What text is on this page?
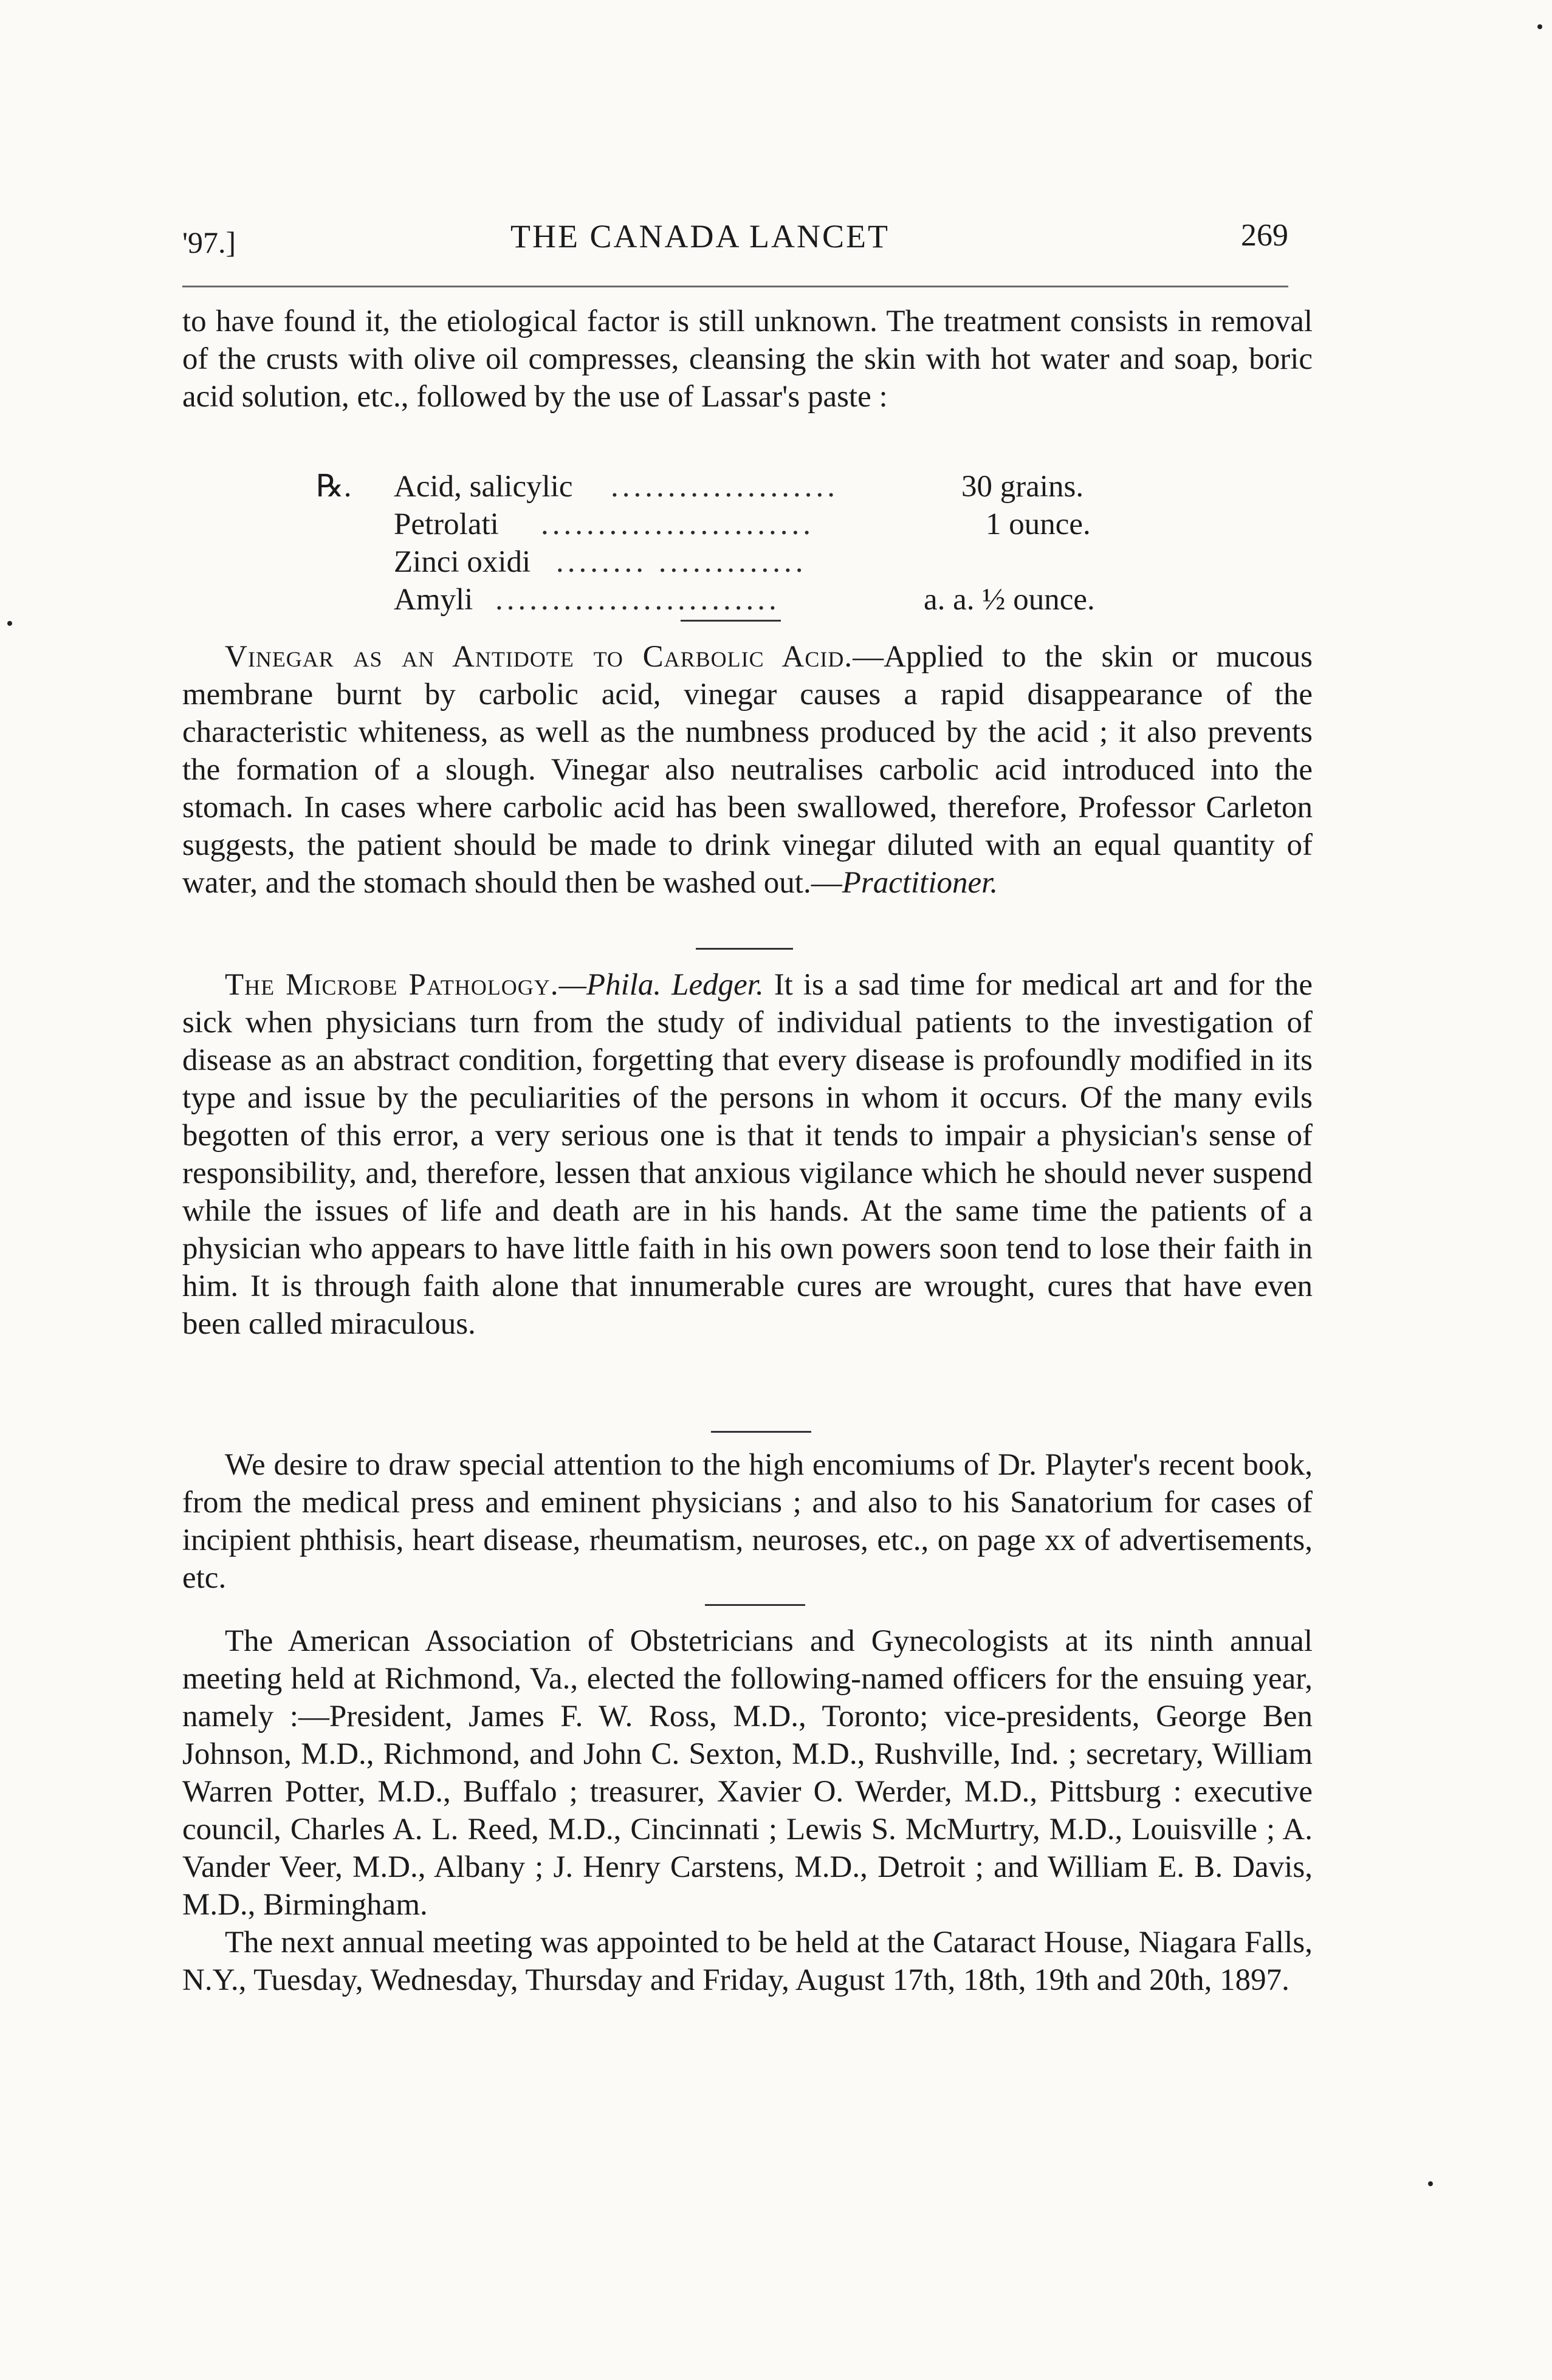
'97.]	THE CANADA LANCET	269

to have found it, the etiological factor is still unknown. The treatment consists in removal of the crusts with olive oil compresses, cleansing the skin with hot water and soap, boric acid solution, etc., followed by the use of Lassar's paste :

℞. Acid, salicylic ....................	30 grains.
Petrolati ........................	1 ounce.
Zinci oxidi ........ .............
Amyli .........................	a. a. ½ ounce.

Vinegar as an Antidote to Carbolic Acid.—Applied to the skin or mucous membrane burnt by carbolic acid, vinegar causes a rapid disappearance of the characteristic whiteness, as well as the numbness produced by the acid ; it also prevents the formation of a slough. Vinegar also neutralises carbolic acid introduced into the stomach. In cases where carbolic acid has been swallowed, therefore, Professor Carleton suggests, the patient should be made to drink vinegar diluted with an equal quantity of water, and the stomach should then be washed out.—Practitioner.

The Microbe Pathology.—Phila. Ledger. It is a sad time for medical art and for the sick when physicians turn from the study of individual patients to the investigation of disease as an abstract condition, forgetting that every disease is profoundly modified in its type and issue by the peculiarities of the persons in whom it occurs. Of the many evils begotten of this error, a very serious one is that it tends to impair a physician's sense of responsibility, and, therefore, lessen that anxious vigilance which he should never suspend while the issues of life and death are in his hands. At the same time the patients of a physician who appears to have little faith in his own powers soon tend to lose their faith in him. It is through faith alone that innumerable cures are wrought, cures that have even been called miraculous.

We desire to draw special attention to the high encomiums of Dr. Playter's recent book, from the medical press and eminent physicians ; and also to his Sanatorium for cases of incipient phthisis, heart disease, rheumatism, neuroses, etc., on page xx of advertisements, etc.

The American Association of Obstetricians and Gynecologists at its ninth annual meeting held at Richmond, Va., elected the following-named officers for the ensuing year, namely :—President, James F. W. Ross, M.D., Toronto; vice-presidents, George Ben Johnson, M.D., Richmond, and John C. Sexton, M.D., Rushville, Ind. ; secretary, William Warren Potter, M.D., Buffalo ; treasurer, Xavier O. Werder, M.D., Pittsburg : executive council, Charles A. L. Reed, M.D., Cincinnati ; Lewis S. McMurtry, M.D., Louisville ; A. Vander Veer, M.D., Albany ; J. Henry Carstens, M.D., Detroit ; and William E. B. Davis, M.D., Birmingham.

The next annual meeting was appointed to be held at the Cataract House, Niagara Falls, N.Y., Tuesday, Wednesday, Thursday and Friday, August 17th, 18th, 19th and 20th, 1897.
